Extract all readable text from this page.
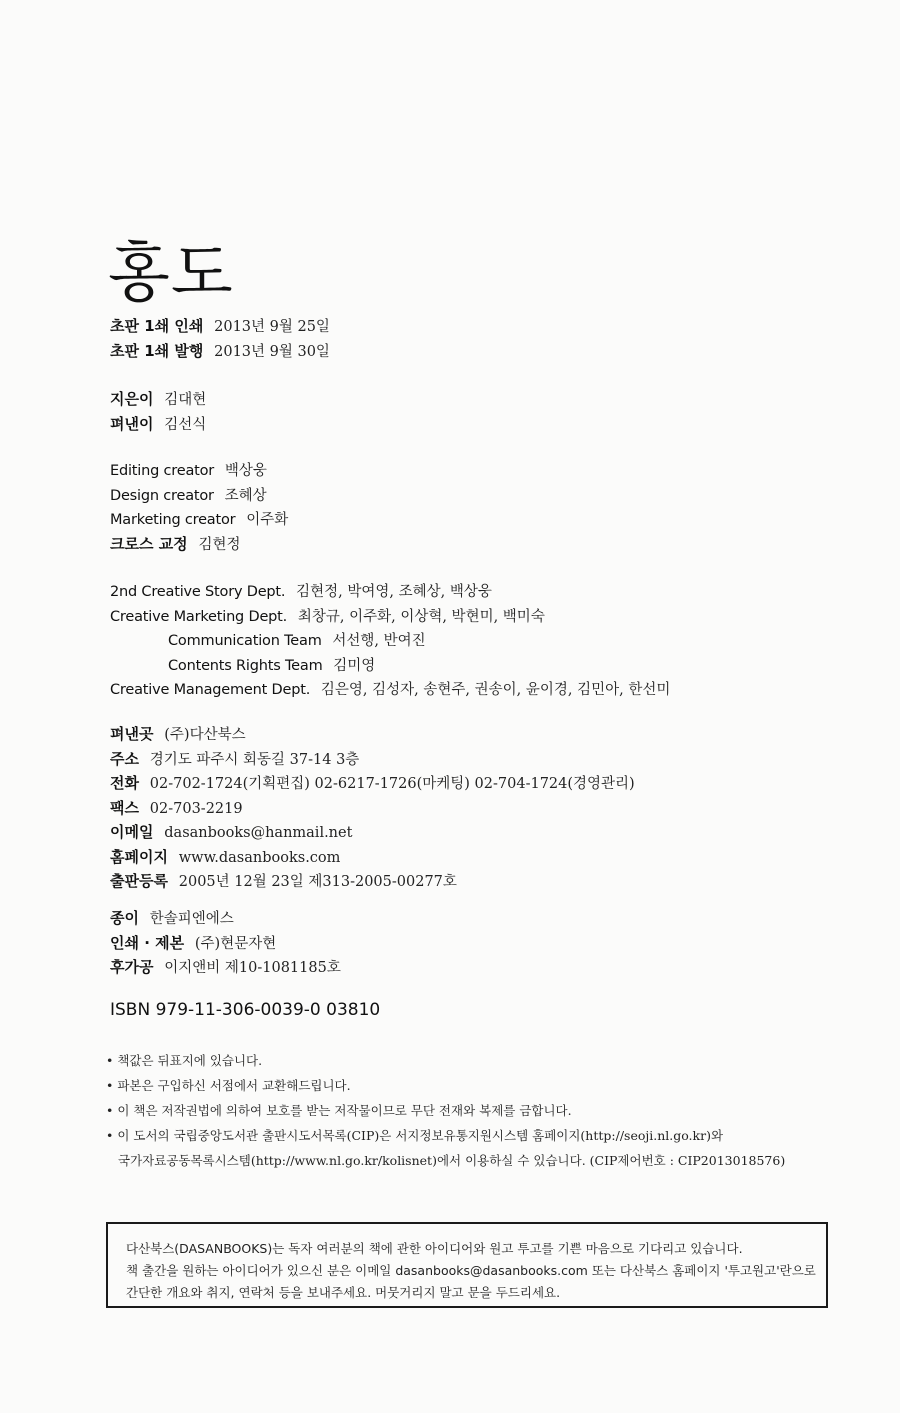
홍도
초판 1쇄 인쇄 2013년 9월 25일
초판 1쇄 발행 2013년 9월 30일
지은이 김대현
펴낸이 김선식
Editing creator 백상웅
Design creator 조혜상
Marketing creator 이주화
크로스 교정 김현정
2nd Creative Story Dept. 김현정, 박여영, 조혜상, 백상웅
Creative Marketing Dept. 최창규, 이주화, 이상혁, 박현미, 백미숙
Communication Team 서선행, 반여진
Contents Rights Team 김미영
Creative Management Dept. 김은영, 김성자, 송현주, 권송이, 윤이경, 김민아, 한선미
펴낸곳 (주)다산북스
주소 경기도 파주시 회동길 37-14 3층
전화 02-702-1724(기획편집) 02-6217-1726(마케팅) 02-704-1724(경영관리)
팩스 02-703-2219
이메일 dasanbooks@hanmail.net
홈페이지 www.dasanbooks.com
출판등록 2005년 12월 23일 제313-2005-00277호
종이 한솔피엔에스
인쇄 · 제본 (주)현문자현
후가공 이지앤비 제10-1081185호
ISBN 979-11-306-0039-0 03810
• 책값은 뒤표지에 있습니다.
• 파본은 구입하신 서점에서 교환해드립니다.
• 이 책은 저작권법에 의하여 보호를 받는 저작물이므로 무단 전재와 복제를 금합니다.
• 이 도서의 국립중앙도서관 출판시도서목록(CIP)은 서지정보유통지원시스템 홈페이지(http://seoji.nl.go.kr)와
국가자료공동목록시스템(http://www.nl.go.kr/kolisnet)에서 이용하실 수 있습니다. (CIP제어번호 : CIP2013018576)
다산북스(DASANBOOKS)는 독자 여러분의 책에 관한 아이디어와 원고 투고를 기쁜 마음으로 기다리고 있습니다.
책 출간을 원하는 아이디어가 있으신 분은 이메일 dasanbooks@dasanbooks.com 또는 다산북스 홈페이지 '투고원고'란으로
간단한 개요와 취지, 연락처 등을 보내주세요. 머뭇거리지 말고 문을 두드리세요.
